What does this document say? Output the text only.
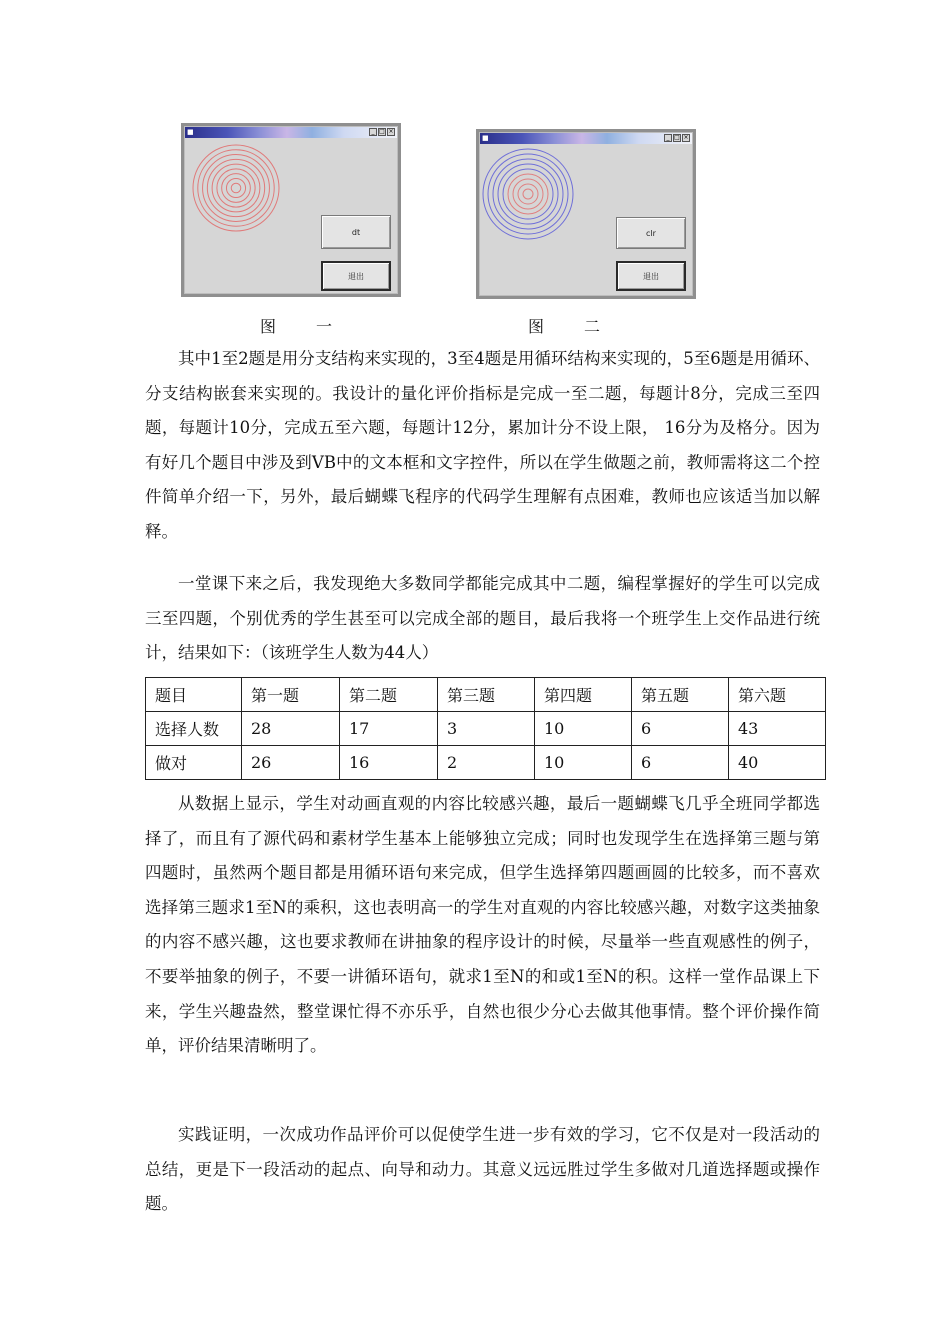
■	_ □ ×
dt
退出
图 一
■	_ □ ×
clr
退出
图 二

其中1至2题是用分支结构来实现的，3至4题是用循环结构来实现的，5至6题是用循环、分支结构嵌套来实现的。我设计的量化评价指标是完成一至二题，每题计8分，完成三至四题，每题计10分，完成五至六题，每题计12分，累加计分不设上限， 16分为及格分。因为有好几个题目中涉及到VB中的文本框和文字控件，所以在学生做题之前，教师需将这二个控件简单介绍一下，另外，最后蝴蝶飞程序的代码学生理解有点困难，教师也应该适当加以解释。

一堂课下来之后，我发现绝大多数同学都能完成其中二题，编程掌握好的学生可以完成三至四题，个别优秀的学生甚至可以完成全部的题目，最后我将一个班学生上交作品进行统计，结果如下：（该班学生人数为44人）

题目	第一题	第二题	第三题	第四题	第五题	第六题
选择人数	28	17	3	10	6	43
做对	26	16	2	10	6	40

从数据上显示，学生对动画直观的内容比较感兴趣，最后一题蝴蝶飞几乎全班同学都选择了，而且有了源代码和素材学生基本上能够独立完成；同时也发现学生在选择第三题与第四题时，虽然两个题目都是用循环语句来完成，但学生选择第四题画圆的比较多，而不喜欢选择第三题求1至N的乘积，这也表明高一的学生对直观的内容比较感兴趣，对数字这类抽象的内容不感兴趣，这也要求教师在讲抽象的程序设计的时候，尽量举一些直观感性的例子，不要举抽象的例子，不要一讲循环语句，就求1至N的和或1至N的积。这样一堂作品课上下来，学生兴趣盎然，整堂课忙得不亦乐乎，自然也很少分心去做其他事情。整个评价操作简单，评价结果清晰明了。

实践证明，一次成功作品评价可以促使学生进一步有效的学习，它不仅是对一段活动的总结，更是下一段活动的起点、向导和动力。其意义远远胜过学生多做对几道选择题或操作题。
